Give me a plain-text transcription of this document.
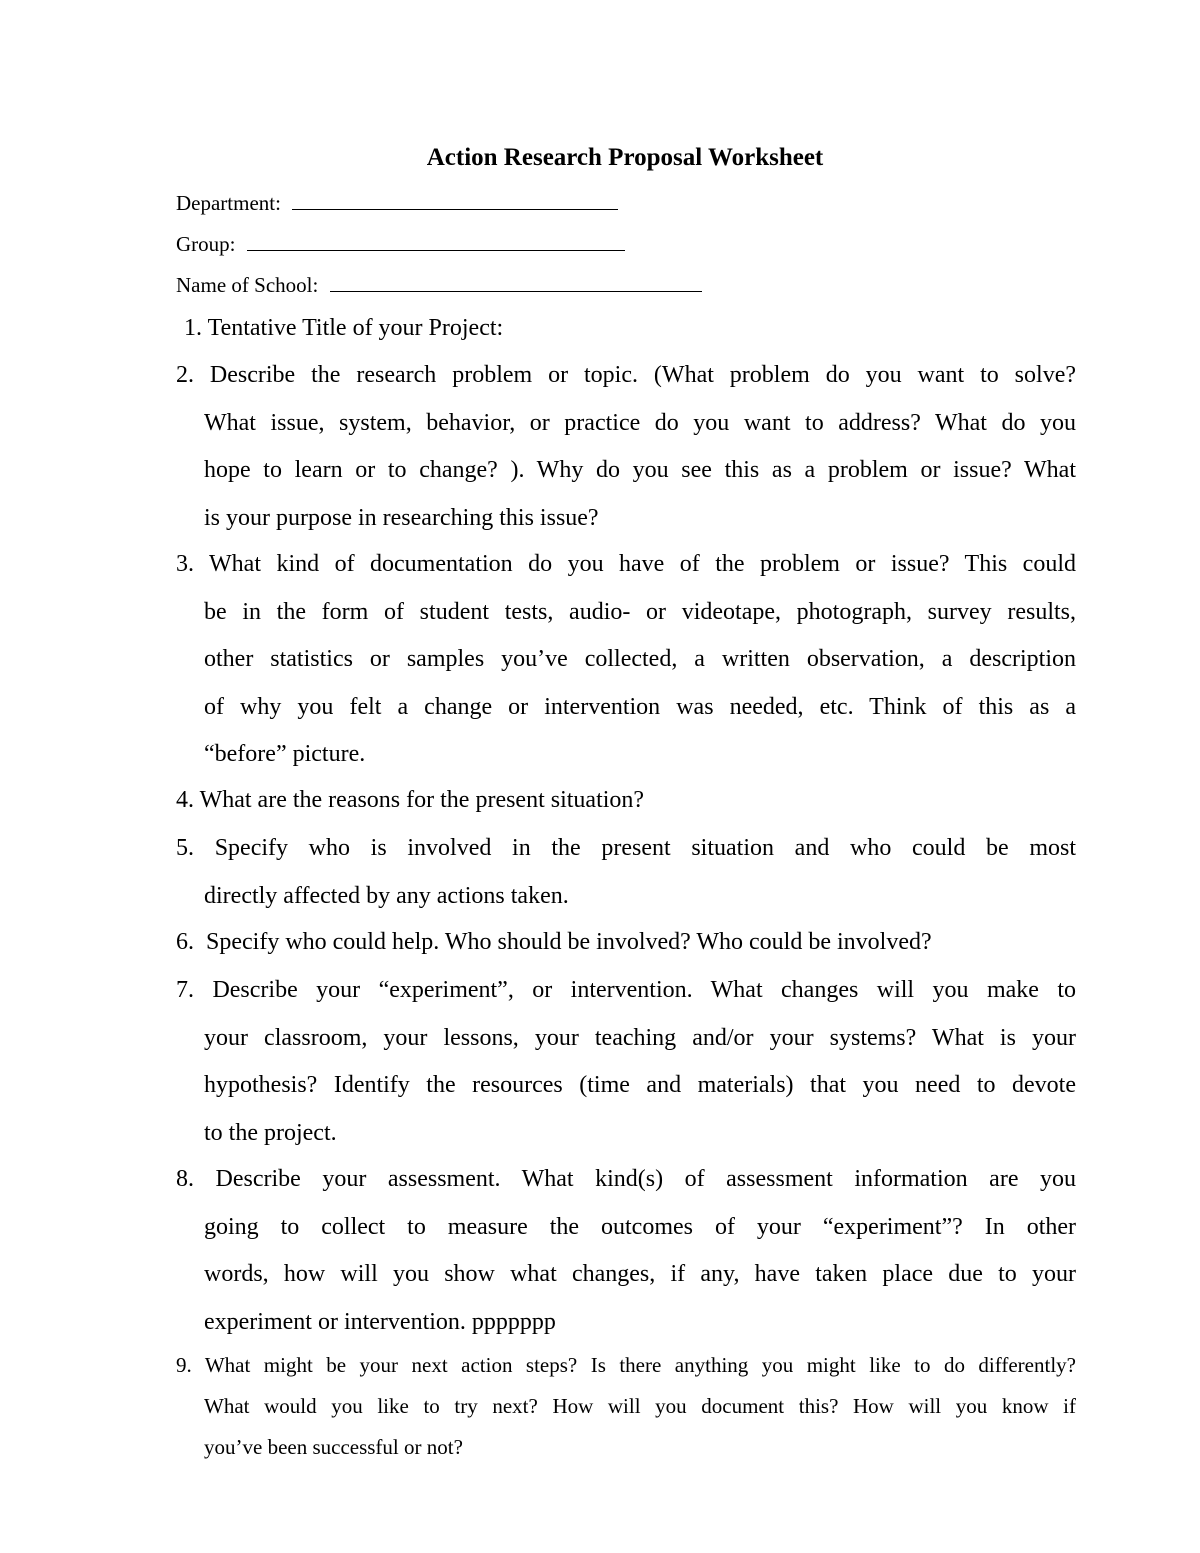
Action Research Proposal Worksheet
Department:
Group:
Name of School:
1. Tentative Title of your Project:
2. Describe the research problem or topic. (What problem do you want to solve?
What issue, system, behavior, or practice do you want to address? What do you
hope to learn or to change? ). Why do you see this as a problem or issue? What
is your purpose in researching this issue?
3. What kind of documentation do you have of the problem or issue? This could
be in the form of student tests, audio- or videotape, photograph, survey results,
other statistics or samples you’ve collected, a written observation, a description
of why you felt a change or intervention was needed, etc. Think of this as a
“before” picture.
4. What are the reasons for the present situation?
5. Specify who is involved in the present situation and who could be most
directly affected by any actions taken.
6. Specify who could help. Who should be involved? Who could be involved?
7. Describe your “experiment”, or intervention. What changes will you make to
your classroom, your lessons, your teaching and/or your systems? What is your
hypothesis? Identify the resources (time and materials) that you need to devote
to the project.
8. Describe your assessment. What kind(s) of assessment information are you
going to collect to measure the outcomes of your “experiment”? In other
words, how will you show what changes, if any, have taken place due to your
experiment or intervention. ppppppp
9. What might be your next action steps? Is there anything you might like to do differently?
What would you like to try next? How will you document this? How will you know if
you’ve been successful or not?
